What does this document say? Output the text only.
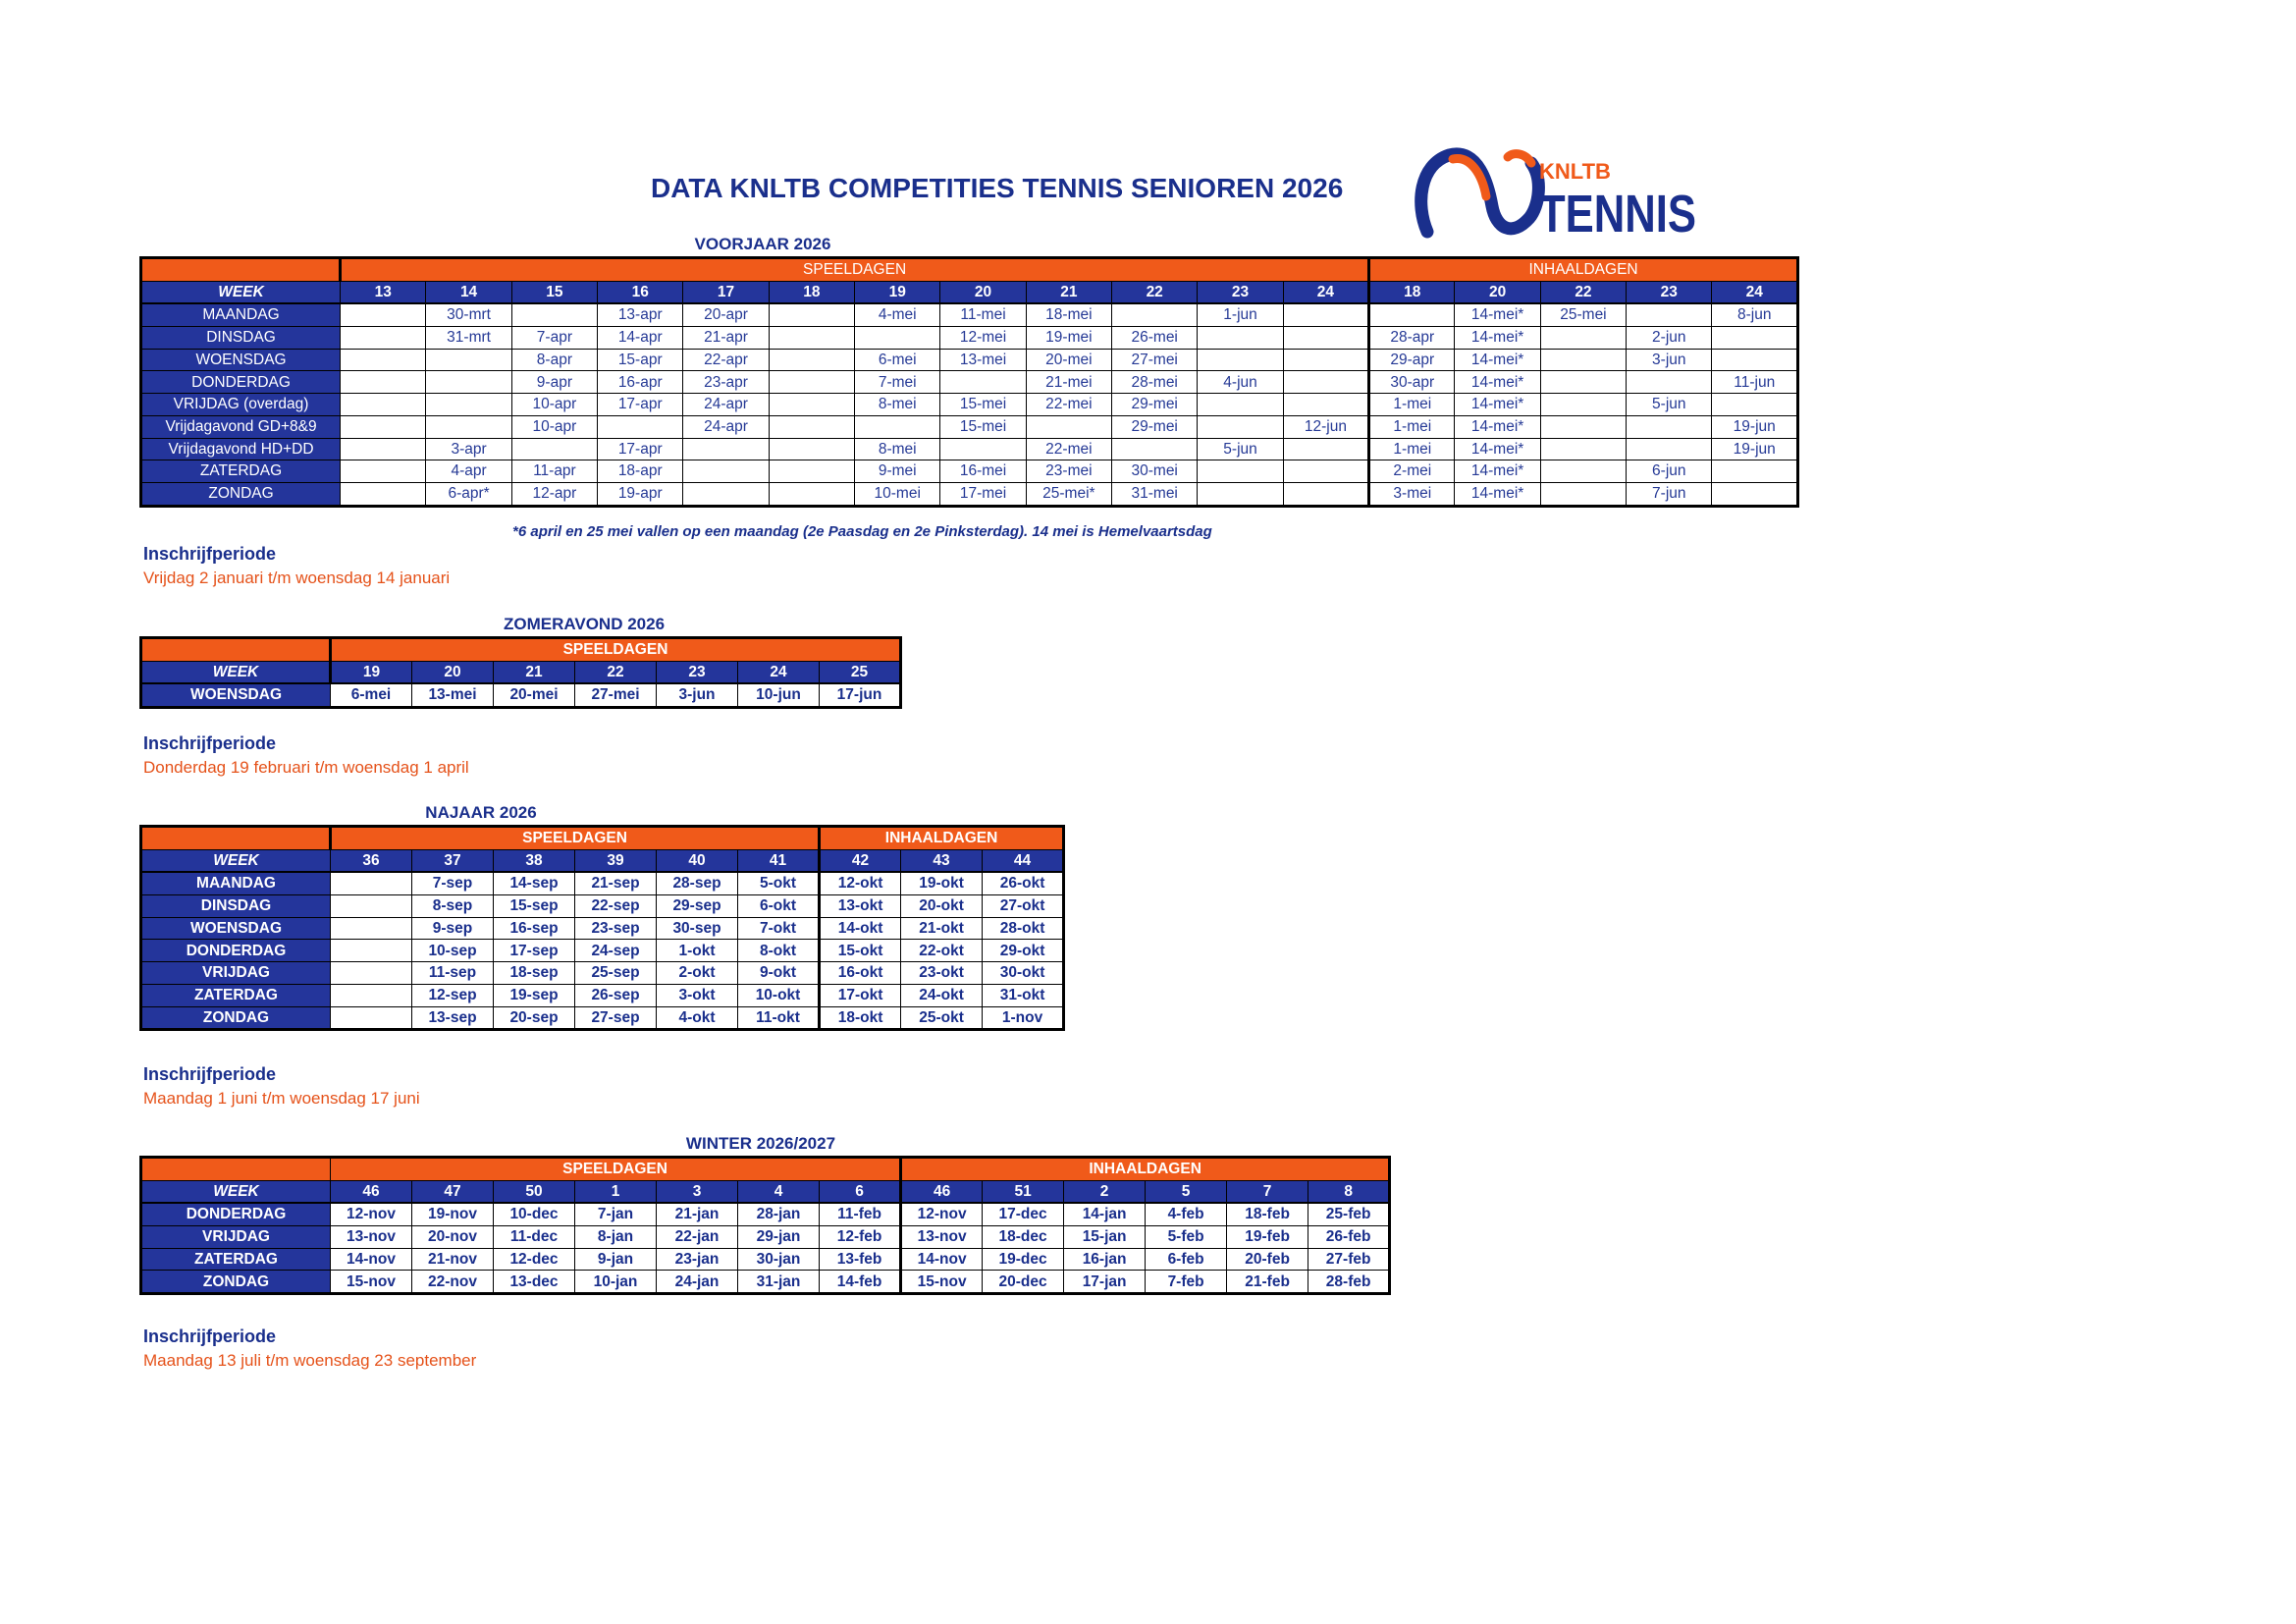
DATA KNLTB COMPETITIES TENNIS SENIOREN 2026
KNLTB
TENNIS
VOORJAAR 2026
	SPEELDAGEN												INHAALDAGEN				
WEEK	13	14	15	16	17	18	19	20	21	22	23	24	18	20	22	23	24
MAANDAG		30-mrt		13-apr	20-apr		4-mei	11-mei	18-mei		1-jun			14-mei*	25-mei		8-jun
DINSDAG		31-mrt	7-apr	14-apr	21-apr			12-mei	19-mei	26-mei			28-apr	14-mei*		2-jun	
WOENSDAG			8-apr	15-apr	22-apr		6-mei	13-mei	20-mei	27-mei			29-apr	14-mei*		3-jun	
DONDERDAG			9-apr	16-apr	23-apr		7-mei		21-mei	28-mei	4-jun		30-apr	14-mei*			11-jun
VRIJDAG (overdag)			10-apr	17-apr	24-apr		8-mei	15-mei	22-mei	29-mei			1-mei	14-mei*		5-jun	
Vrijdagavond GD+8&9			10-apr		24-apr			15-mei		29-mei		12-jun	1-mei	14-mei*			19-jun
Vrijdagavond HD+DD		3-apr		17-apr			8-mei		22-mei		5-jun		1-mei	14-mei*			19-jun
ZATERDAG		4-apr	11-apr	18-apr			9-mei	16-mei	23-mei	30-mei			2-mei	14-mei*		6-jun	
ZONDAG		6-apr*	12-apr	19-apr			10-mei	17-mei	25-mei*	31-mei			3-mei	14-mei*		7-jun	
*6 april en 25 mei vallen op een maandag (2e Paasdag en 2e Pinksterdag). 14 mei is Hemelvaartsdag
Inschrijfperiode
Vrijdag 2 januari t/m woensdag 14 januari
ZOMERAVOND 2026
	SPEELDAGEN						
WEEK	19	20	21	22	23	24	25
WOENSDAG	6-mei	13-mei	20-mei	27-mei	3-jun	10-jun	17-jun
Inschrijfperiode
Donderdag 19 februari t/m woensdag 1 april
NAJAAR 2026
	SPEELDAGEN						INHAALDAGEN		
WEEK	36	37	38	39	40	41	42	43	44
MAANDAG		7-sep	14-sep	21-sep	28-sep	5-okt	12-okt	19-okt	26-okt
DINSDAG		8-sep	15-sep	22-sep	29-sep	6-okt	13-okt	20-okt	27-okt
WOENSDAG		9-sep	16-sep	23-sep	30-sep	7-okt	14-okt	21-okt	28-okt
DONDERDAG		10-sep	17-sep	24-sep	1-okt	8-okt	15-okt	22-okt	29-okt
VRIJDAG		11-sep	18-sep	25-sep	2-okt	9-okt	16-okt	23-okt	30-okt
ZATERDAG		12-sep	19-sep	26-sep	3-okt	10-okt	17-okt	24-okt	31-okt
ZONDAG		13-sep	20-sep	27-sep	4-okt	11-okt	18-okt	25-okt	1-nov
Inschrijfperiode
Maandag 1 juni t/m woensdag 17 juni
WINTER 2026/2027
	SPEELDAGEN							INHAALDAGEN					
WEEK	46	47	50	1	3	4	6	46	51	2	5	7	8
DONDERDAG	12-nov	19-nov	10-dec	7-jan	21-jan	28-jan	11-feb	12-nov	17-dec	14-jan	4-feb	18-feb	25-feb
VRIJDAG	13-nov	20-nov	11-dec	8-jan	22-jan	29-jan	12-feb	13-nov	18-dec	15-jan	5-feb	19-feb	26-feb
ZATERDAG	14-nov	21-nov	12-dec	9-jan	23-jan	30-jan	13-feb	14-nov	19-dec	16-jan	6-feb	20-feb	27-feb
ZONDAG	15-nov	22-nov	13-dec	10-jan	24-jan	31-jan	14-feb	15-nov	20-dec	17-jan	7-feb	21-feb	28-feb
Inschrijfperiode
Maandag 13 juli t/m woensdag 23 september
